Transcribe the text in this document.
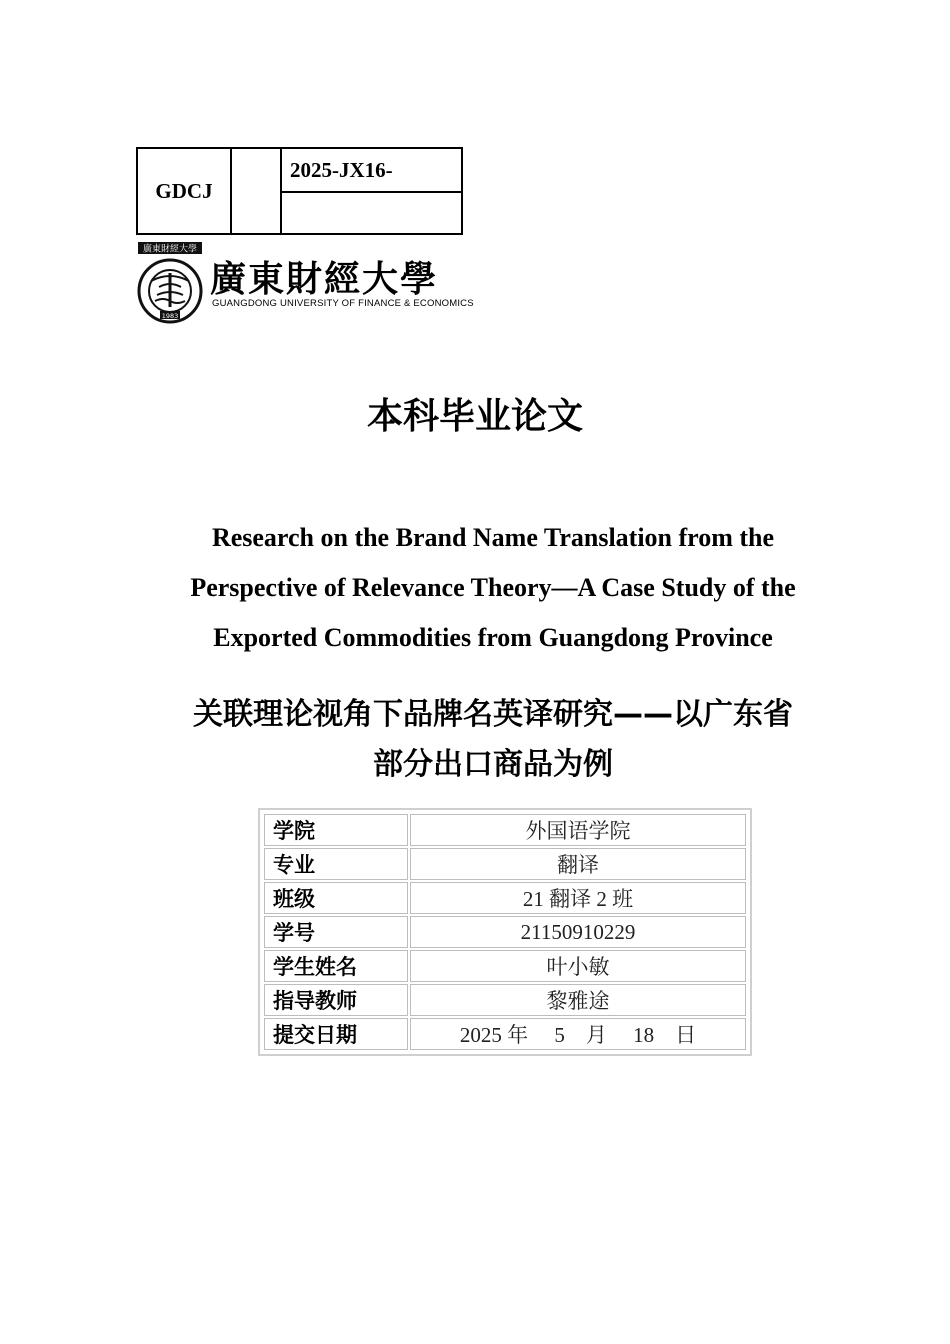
GDCJ
2025-JX16-
廣東財經大學
1983
廣東財經大學
GUANGDONG UNIVERSITY OF FINANCE & ECONOMICS
本科毕业论文
Research on the Brand Name Translation from the
Perspective of Relevance Theory—A Case Study of the
Exported Commodities from Guangdong Province
关联理论视角下品牌名英译研究——以广东省
部分出口商品为例
学院	外国语学院
专业	翻译
班级	21 翻译 2 班
学号	21150910229
学生姓名	叶小敏
指导教师	黎雅途
提交日期	2025 年　 5　月　 18　日
